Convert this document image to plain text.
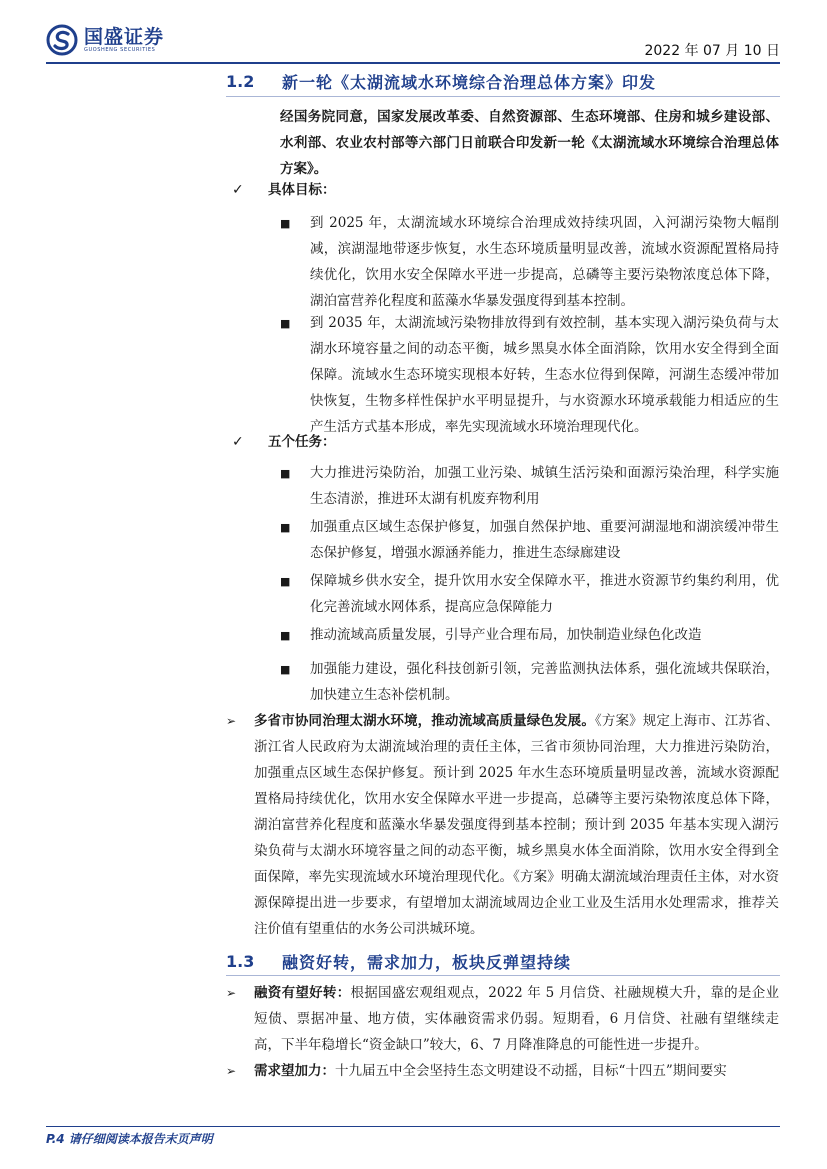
国盛证券
GUOSHENG SECURITIES	2022 年 07 月 10 日
1.2	新一轮《太湖流域水环境综合治理总体方案》印发
经国务院同意，国家发展改革委、自然资源部、生态环境部、住房和城乡建设部、水利部、农业农村部等六部门日前联合印发新一轮《太湖流域水环境综合治理总体方案》。
✓	具体目标：
■	到 2025 年，太湖流域水环境综合治理成效持续巩固，入河湖污染物大幅削减，滨湖湿地带逐步恢复，水生态环境质量明显改善，流域水资源配置格局持续优化，饮用水安全保障水平进一步提高，总磷等主要污染物浓度总体下降，湖泊富营养化程度和蓝藻水华暴发强度得到基本控制。
■	到 2035 年，太湖流域污染物排放得到有效控制，基本实现入湖污染负荷与太湖水环境容量之间的动态平衡，城乡黑臭水体全面消除，饮用水安全得到全面保障。流域水生态环境实现根本好转，生态水位得到保障，河湖生态缓冲带加快恢复，生物多样性保护水平明显提升，与水资源水环境承载能力相适应的生产生活方式基本形成，率先实现流域水环境治理现代化。
✓	五个任务：
■	大力推进污染防治，加强工业污染、城镇生活污染和面源污染治理，科学实施生态清淤，推进环太湖有机废弃物利用
■	加强重点区域生态保护修复，加强自然保护地、重要河湖湿地和湖滨缓冲带生态保护修复，增强水源涵养能力，推进生态绿廊建设
■	保障城乡供水安全，提升饮用水安全保障水平，推进水资源节约集约利用，优化完善流域水网体系，提高应急保障能力
■	推动流域高质量发展，引导产业合理布局，加快制造业绿色化改造
■	加强能力建设，强化科技创新引领，完善监测执法体系，强化流域共保联治，加快建立生态补偿机制。
➢	多省市协同治理太湖水环境，推动流域高质量绿色发展。《方案》规定上海市、江苏省、浙江省人民政府为太湖流域治理的责任主体，三省市须协同治理，大力推进污染防治，加强重点区域生态保护修复。预计到 2025 年水生态环境质量明显改善，流域水资源配置格局持续优化，饮用水安全保障水平进一步提高，总磷等主要污染物浓度总体下降，湖泊富营养化程度和蓝藻水华暴发强度得到基本控制；预计到 2035 年基本实现入湖污染负荷与太湖水环境容量之间的动态平衡，城乡黑臭水体全面消除，饮用水安全得到全面保障，率先实现流域水环境治理现代化。《方案》明确太湖流域治理责任主体，对水资源保障提出进一步要求，有望增加太湖流域周边企业工业及生活用水处理需求，推荐关注价值有望重估的水务公司洪城环境。
1.3	融资好转，需求加力，板块反弹望持续
➢	融资有望好转：根据国盛宏观组观点，2022 年 5 月信贷、社融规模大升，靠的是企业短债、票据冲量、地方债，实体融资需求仍弱。短期看，6 月信贷、社融有望继续走高，下半年稳增长“资金缺口”较大，6、7 月降准降息的可能性进一步提升。
➢	需求望加力：十九届五中全会坚持生态文明建设不动摇，目标“十四五”期间要实
P.4 请仔细阅读本报告末页声明
